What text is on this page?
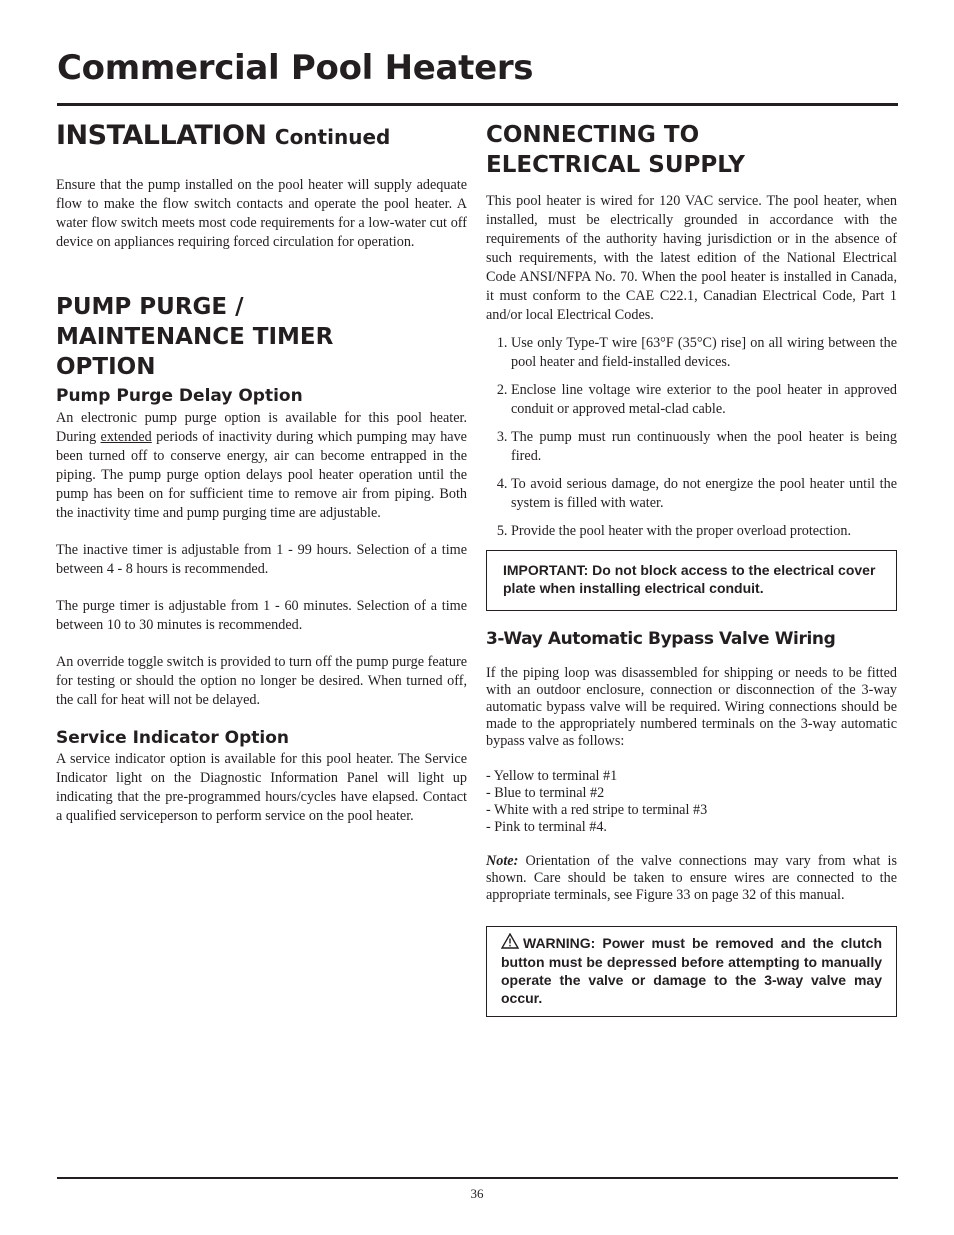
Commercial Pool Heaters
INSTALLATION Continued

Ensure that the pump installed on the pool heater will supply adequate flow to make the flow switch contacts and operate the pool heater. A water flow switch meets most code requirements for a low-water cut off device on appliances requiring forced circulation for operation.

PUMP PURGE /
MAINTENANCE TIMER
OPTION
Pump Purge Delay Option

An electronic pump purge option is available for this pool heater. During extended periods of inactivity during which pumping may have been turned off to conserve energy, air can become entrapped in the piping. The pump purge option delays pool heater operation until the pump has been on for sufficient time to remove air from piping. Both the inactivity time and pump purging time are adjustable.

The inactive timer is adjustable from 1 - 99 hours. Selection of a time between 4 - 8 hours is recommended.

The purge timer is adjustable from 1 - 60 minutes. Selection of a time between 10 to 30 minutes is recommended.

An override toggle switch is provided to turn off the pump purge feature for testing or should the option no longer be desired. When turned off, the call for heat will not be delayed.

Service Indicator Option

A service indicator option is available for this pool heater. The Service Indicator light on the Diagnostic Information Panel will light up indicating that the pre-programmed hours/cycles have elapsed. Contact a qualified serviceperson to perform service on the pool heater.

CONNECTING TO
ELECTRICAL SUPPLY

This pool heater is wired for 120 VAC service. The pool heater, when installed, must be electrically grounded in accordance with the requirements of the authority having jurisdiction or in the absence of such requirements, with the latest edition of the National Electrical Code ANSI/NFPA No. 70. When the pool heater is installed in Canada, it must conform to the CAE C22.1, Canadian Electrical Code, Part 1 and/or local Electrical Codes.

1. Use only Type-T wire [63°F (35°C) rise] on all wiring between the pool heater and field-installed devices.
2. Enclose line voltage wire exterior to the pool heater in approved conduit or approved metal-clad cable.
3. The pump must run continuously when the pool heater is being fired.
4. To avoid serious damage, do not energize the pool heater until the system is filled with water.
5. Provide the pool heater with the proper overload protection.
IMPORTANT: Do not block access to the electrical cover plate when installing electrical conduit.
3-Way Automatic Bypass Valve Wiring

If the piping loop was disassembled for shipping or needs to be fitted with an outdoor enclosure, connection or disconnection of the 3-way automatic bypass valve will be required. Wiring connections should be made to the appropriately numbered terminals on the 3-way automatic bypass valve as follows:

- Yellow to terminal #1
- Blue to terminal #2
- White with a red stripe to terminal #3
- Pink to terminal #4.

Note: Orientation of the valve connections may vary from what is shown. Care should be taken to ensure wires are connected to the appropriate terminals, see Figure 33 on page 32 of this manual.

WARNING: Power must be removed and the clutch button must be depressed before attempting to manually operate the valve or damage to the 3-way valve may occur.
36
